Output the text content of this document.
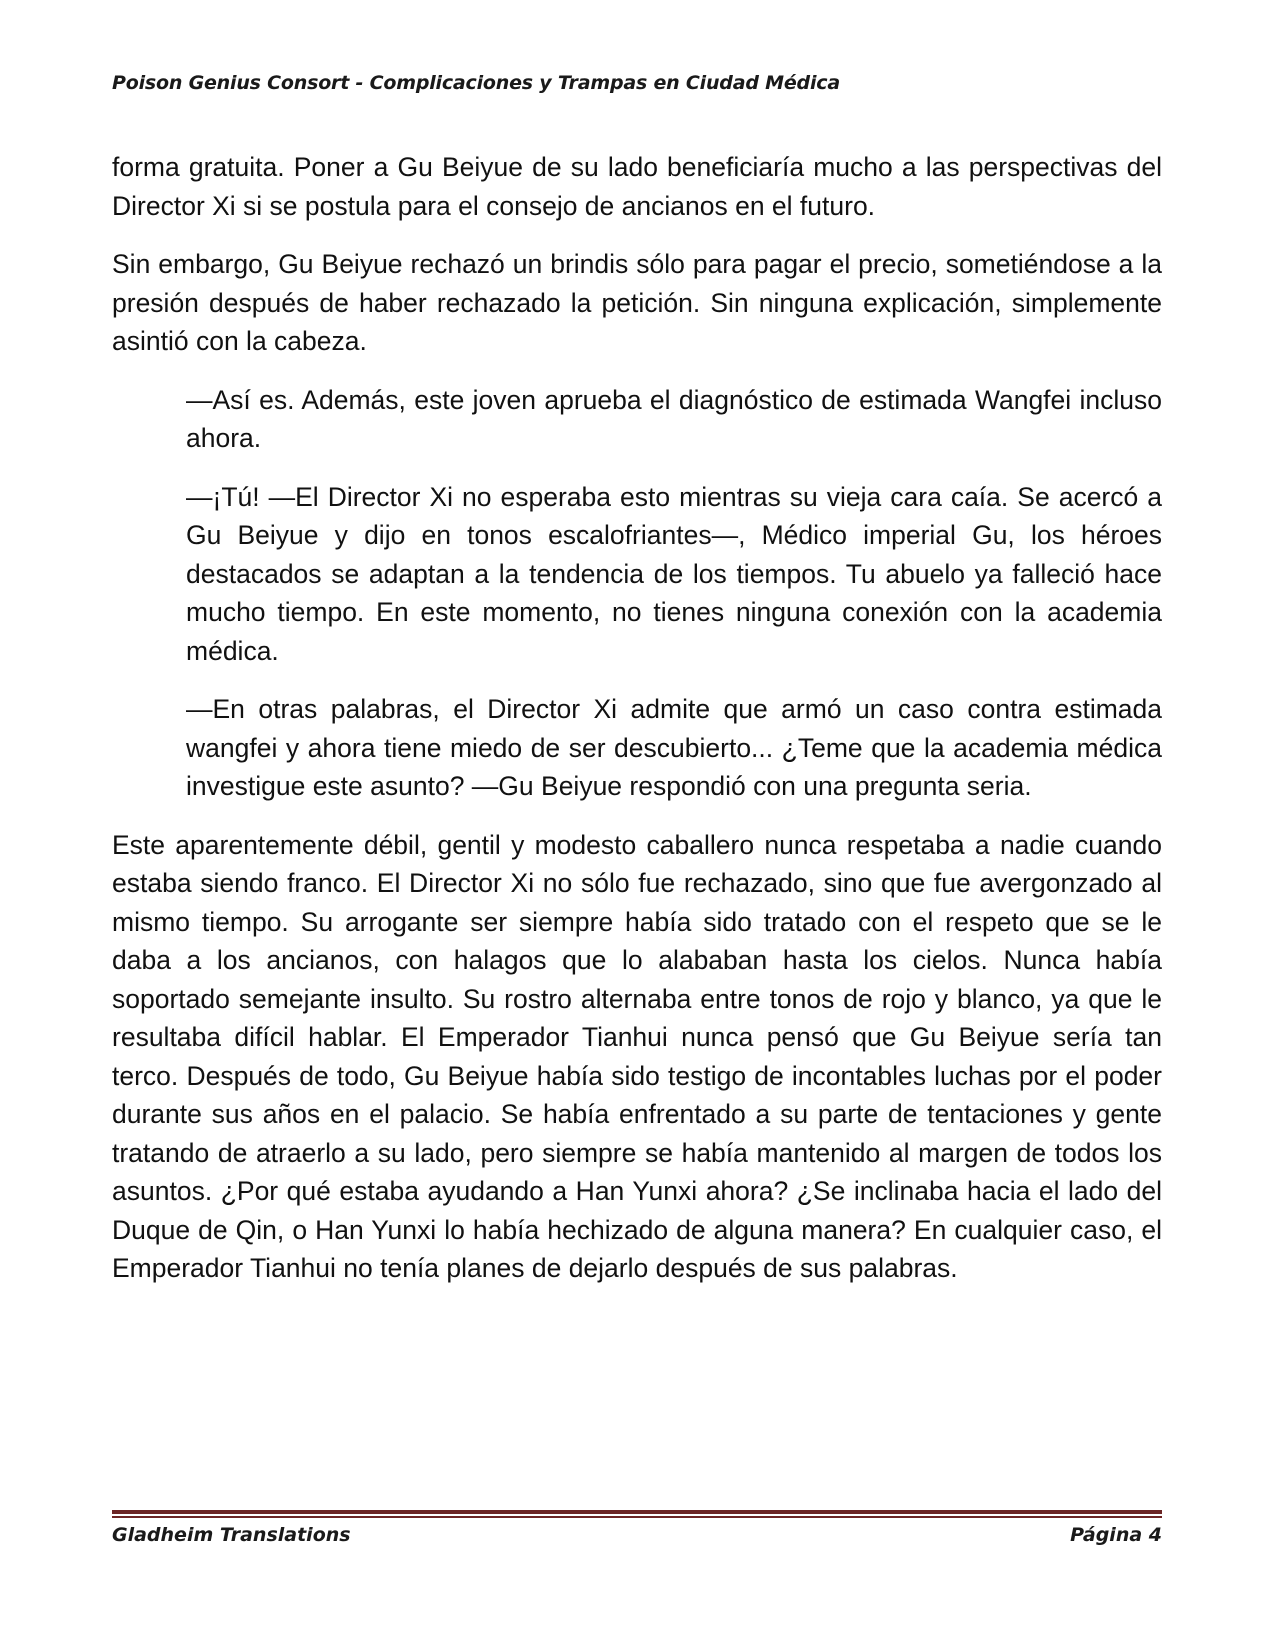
Poison Genius Consort - Complicaciones y Trampas en Ciudad Médica

forma gratuita. Poner a Gu Beiyue de su lado beneficiaría mucho a las perspectivas del Director Xi si se postula para el consejo de ancianos en el futuro.

Sin embargo, Gu Beiyue rechazó un brindis sólo para pagar el precio, sometiéndose a la presión después de haber rechazado la petición. Sin ninguna explicación, simplemente asintió con la cabeza.

—Así es. Además, este joven aprueba el diagnóstico de estimada Wangfei incluso ahora.

—¡Tú! —El Director Xi no esperaba esto mientras su vieja cara caía. Se acercó a Gu Beiyue y dijo en tonos escalofriantes—, Médico imperial Gu, los héroes destacados se adaptan a la tendencia de los tiempos. Tu abuelo ya falleció hace mucho tiempo. En este momento, no tienes ninguna conexión con la academia médica.

—En otras palabras, el Director Xi admite que armó un caso contra estimada wangfei y ahora tiene miedo de ser descubierto... ¿Teme que la academia médica investigue este asunto? —Gu Beiyue respondió con una pregunta seria.

Este aparentemente débil, gentil y modesto caballero nunca respetaba a nadie cuando estaba siendo franco. El Director Xi no sólo fue rechazado, sino que fue avergonzado al mismo tiempo. Su arrogante ser siempre había sido tratado con el respeto que se le daba a los ancianos, con halagos que lo alababan hasta los cielos. Nunca había soportado semejante insulto. Su rostro alternaba entre tonos de rojo y blanco, ya que le resultaba difícil hablar. El Emperador Tianhui nunca pensó que Gu Beiyue sería tan terco. Después de todo, Gu Beiyue había sido testigo de incontables luchas por el poder durante sus años en el palacio. Se había enfrentado a su parte de tentaciones y gente tratando de atraerlo a su lado, pero siempre se había mantenido al margen de todos los asuntos. ¿Por qué estaba ayudando a Han Yunxi ahora? ¿Se inclinaba hacia el lado del Duque de Qin, o Han Yunxi lo había hechizado de alguna manera? En cualquier caso, el Emperador Tianhui no tenía planes de dejarlo después de sus palabras.

Gladheim Translations	Página 4
